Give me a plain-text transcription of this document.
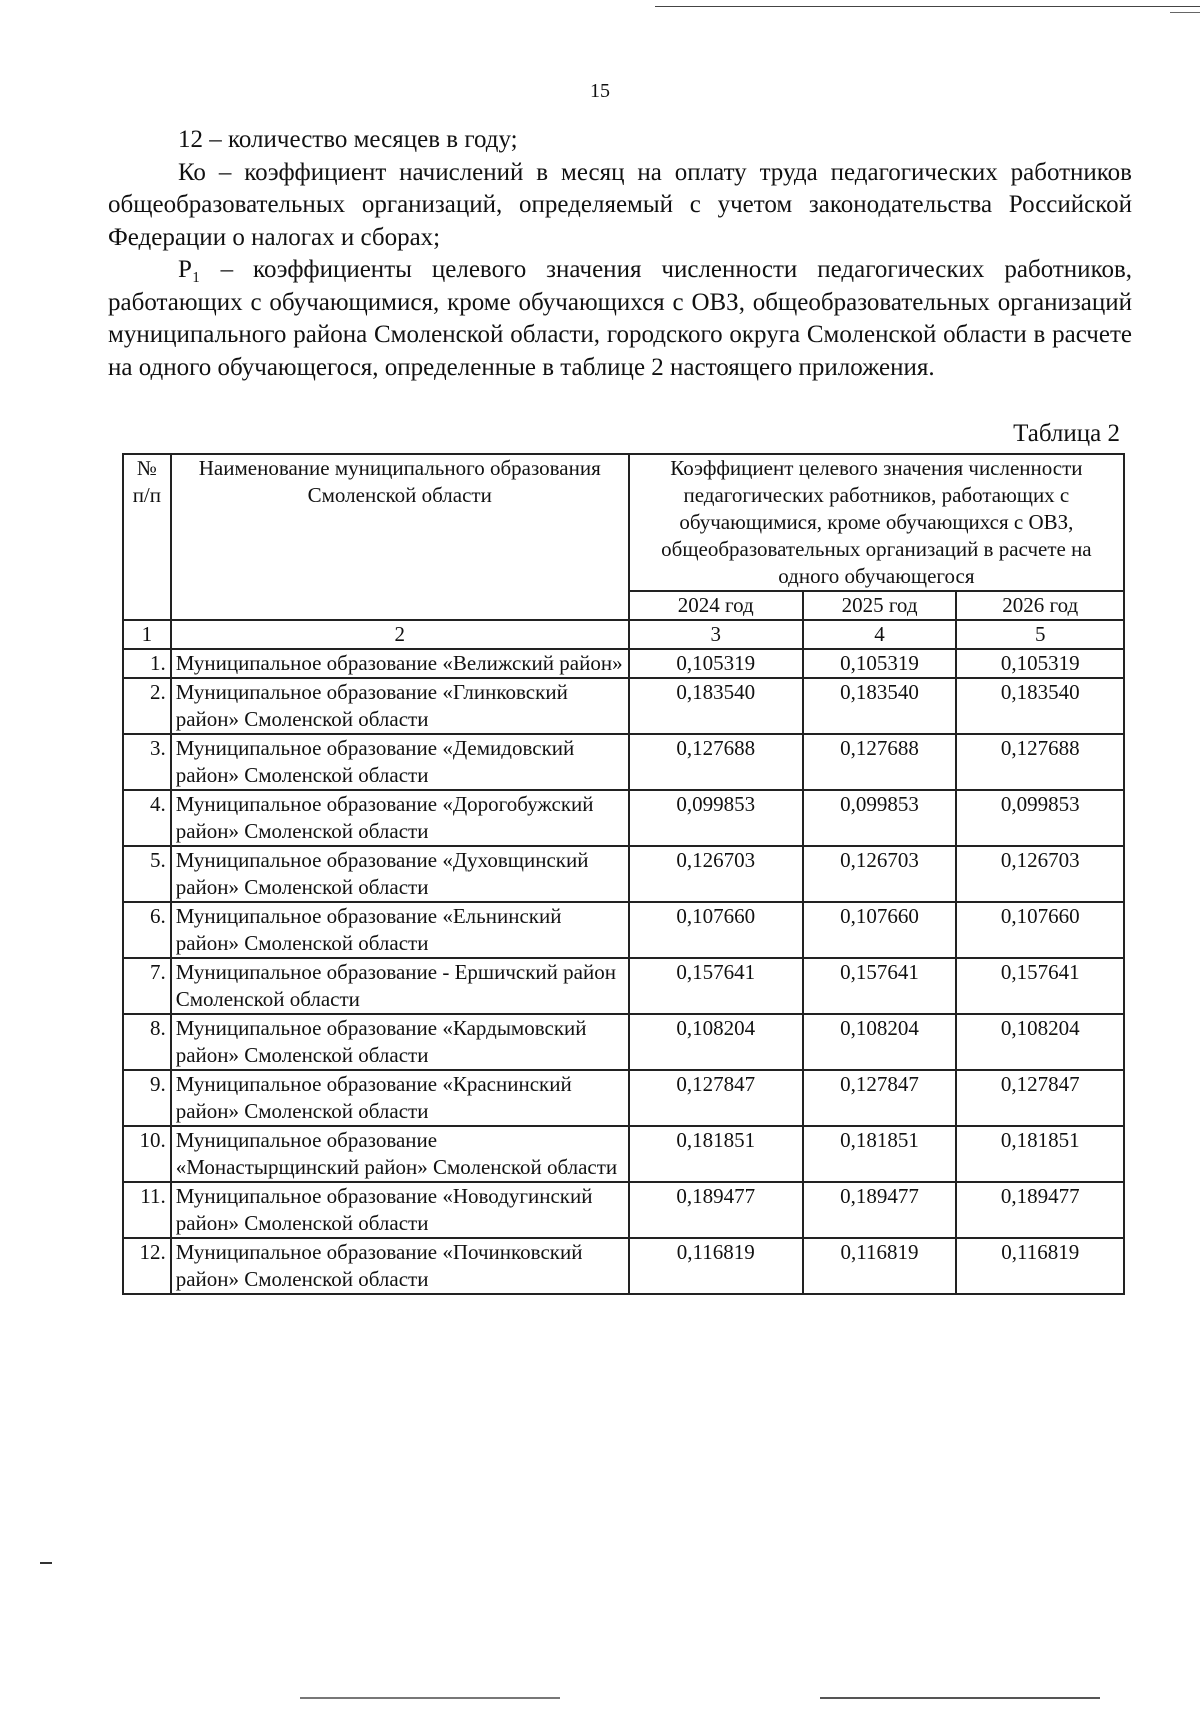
15

12 – количество месяцев в году;

Ко – коэффициент начислений в месяц на оплату труда педагогических работников общеобразовательных организаций, определяемый с учетом законодательства Российской Федерации о налогах и сборах;

P₁ – коэффициенты целевого значения численности педагогических работников, работающих с обучающимися, кроме обучающихся с ОВЗ, общеобразовательных организаций муниципального района Смоленской области, городского округа Смоленской области в расчете на одного обучающегося, определенные в таблице 2 настоящего приложения.

Таблица 2
№ п/п	Наименование муниципального образования Смоленской области	Коэффициент целевого значения численности педагогических работников, работающих с обучающимися, кроме обучающихся с ОВЗ, общеобразовательных организаций в расчете на одного обучающегося		
		2024 год	2025 год	2026 год
1	2	3	4	5
1.	Муниципальное образование «Велижский район»	0,105319	0,105319	0,105319
2.	Муниципальное образование «Глинковский район» Смоленской области	0,183540	0,183540	0,183540
3.	Муниципальное образование «Демидовский район» Смоленской области	0,127688	0,127688	0,127688
4.	Муниципальное образование «Дорогобужский район» Смоленской области	0,099853	0,099853	0,099853
5.	Муниципальное образование «Духовщинский район» Смоленской области	0,126703	0,126703	0,126703
6.	Муниципальное образование «Ельнинский район» Смоленской области	0,107660	0,107660	0,107660
7.	Муниципальное образование - Ершичский район Смоленской области	0,157641	0,157641	0,157641
8.	Муниципальное образование «Кардымовский район» Смоленской области	0,108204	0,108204	0,108204
9.	Муниципальное образование «Краснинский район» Смоленской области	0,127847	0,127847	0,127847
10.	Муниципальное образование «Монастырщинский район» Смоленской области	0,181851	0,181851	0,181851
11.	Муниципальное образование «Новодугинский район» Смоленской области	0,189477	0,189477	0,189477
12.	Муниципальное образование «Починковский район» Смоленской области	0,116819	0,116819	0,116819
